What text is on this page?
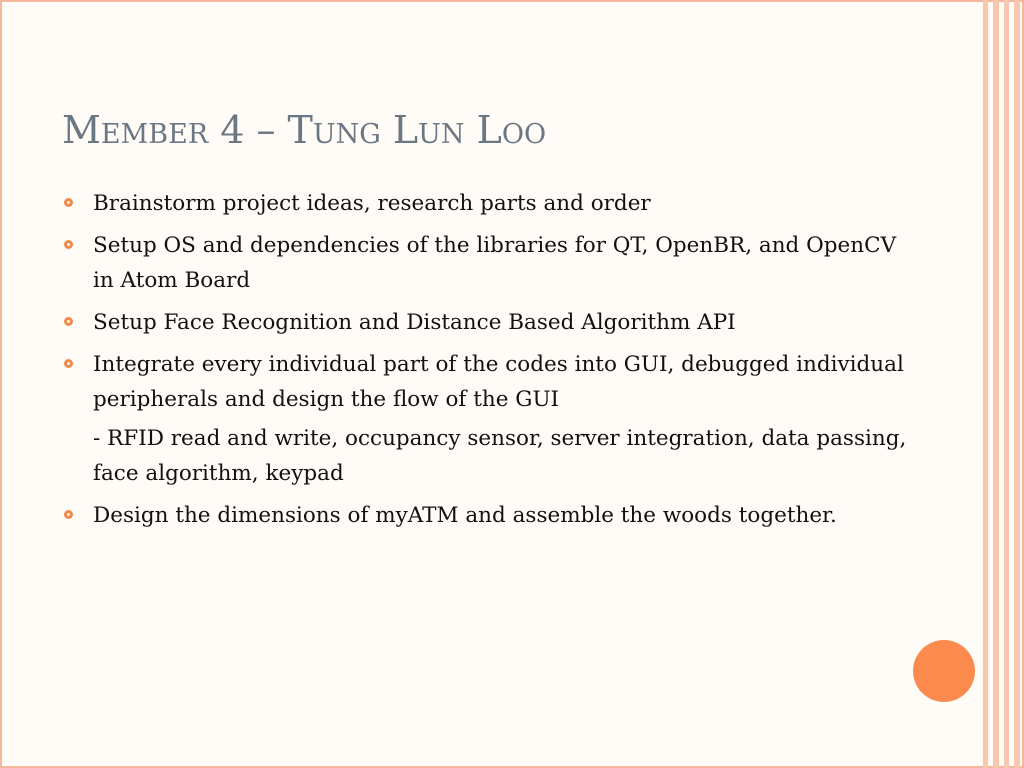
Member 4 – Tung Lun Loo
Brainstorm project ideas, research parts and order
Setup OS and dependencies of the libraries for QT, OpenBR, and OpenCV in Atom Board
Setup Face Recognition and Distance Based Algorithm API
Integrate every individual part of the codes into GUI, debugged individual peripherals and design the flow of the GUI
- RFID read and write, occupancy sensor, server integration, data passing, face algorithm, keypad
Design the dimensions of myATM and assemble the woods together.
